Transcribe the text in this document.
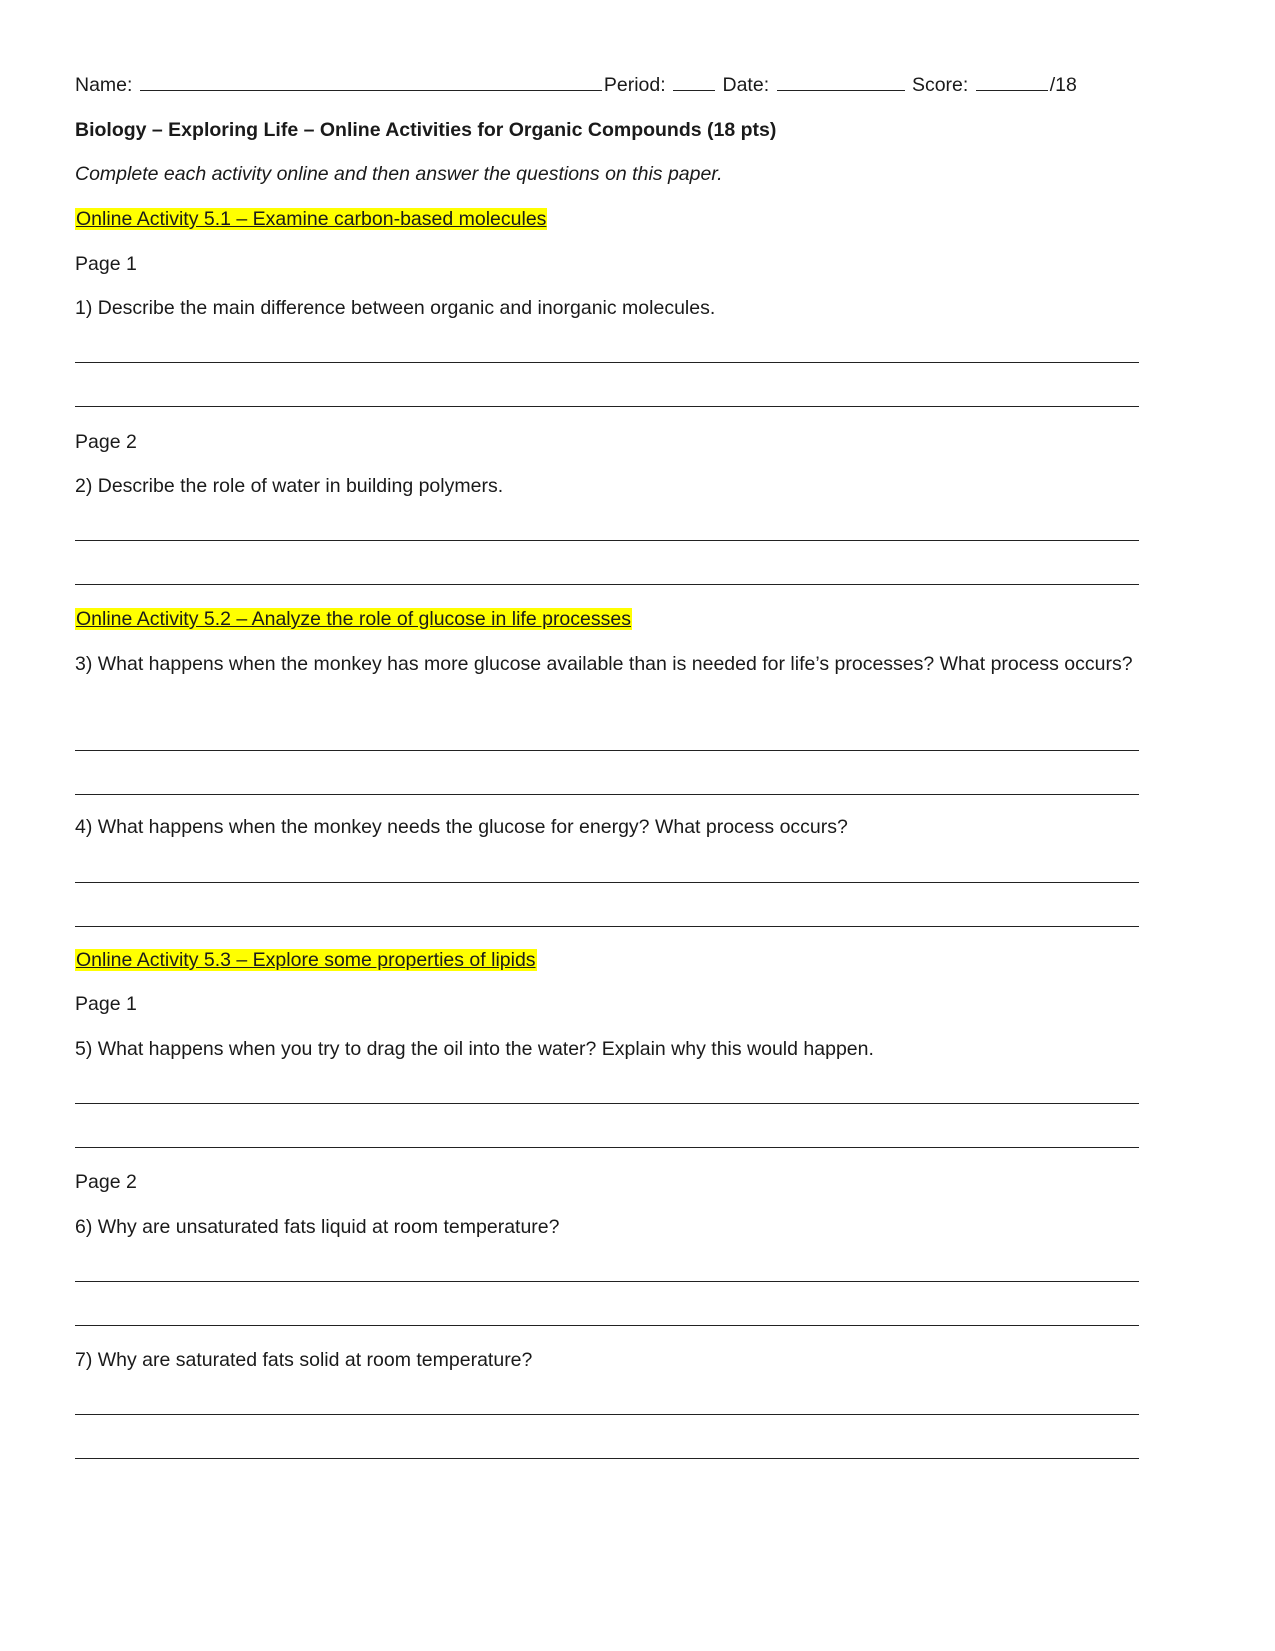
Name:	Period:	Date:	Score:	/18
Biology – Exploring Life – Online Activities for Organic Compounds (18 pts)
Complete each activity online and then answer the questions on this paper.
Online Activity 5.1 – Examine carbon-based molecules
Page 1
1) Describe the main difference between organic and inorganic molecules.
Page 2
2) Describe the role of water in building polymers.
Online Activity 5.2 – Analyze the role of glucose in life processes
3) What happens when the monkey has more glucose available than is needed for life’s processes? What process occurs?
4) What happens when the monkey needs the glucose for energy? What process occurs?
Online Activity 5.3 – Explore some properties of lipids
Page 1
5) What happens when you try to drag the oil into the water? Explain why this would happen.
Page 2
6) Why are unsaturated fats liquid at room temperature?
7) Why are saturated fats solid at room temperature?
